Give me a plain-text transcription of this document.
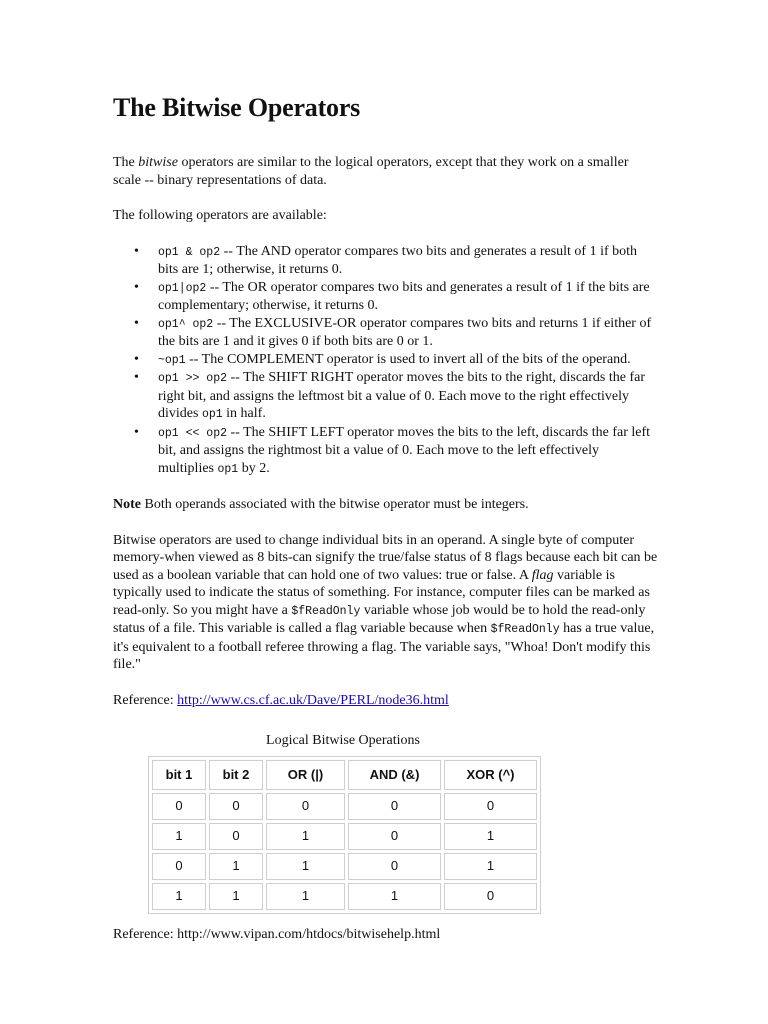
The Bitwise Operators

The bitwise operators are similar to the logical operators, except that they work on a smaller scale -- binary representations of data.

The following operators are available:

• op1 & op2 -- The AND operator compares two bits and generates a result of 1 if both bits are 1; otherwise, it returns 0.
• op1|op2 -- The OR operator compares two bits and generates a result of 1 if the bits are complementary; otherwise, it returns 0.
• op1^ op2 -- The EXCLUSIVE-OR operator compares two bits and returns 1 if either of the bits are 1 and it gives 0 if both bits are 0 or 1.
• ~op1 -- The COMPLEMENT operator is used to invert all of the bits of the operand.
• op1 >> op2 -- The SHIFT RIGHT operator moves the bits to the right, discards the far right bit, and assigns the leftmost bit a value of 0. Each move to the right effectively divides op1 in half.
• op1 << op2 -- The SHIFT LEFT operator moves the bits to the left, discards the far left bit, and assigns the rightmost bit a value of 0. Each move to the left effectively multiplies op1 by 2.

Note Both operands associated with the bitwise operator must be integers.

Bitwise operators are used to change individual bits in an operand. A single byte of computer memory-when viewed as 8 bits-can signify the true/false status of 8 flags because each bit can be used as a boolean variable that can hold one of two values: true or false. A flag variable is typically used to indicate the status of something. For instance, computer files can be marked as read-only. So you might have a $fReadOnly variable whose job would be to hold the read-only status of a file. This variable is called a flag variable because when $fReadOnly has a true value, it's equivalent to a football referee throwing a flag. The variable says, "Whoa! Don't modify this file."

Reference: http://www.cs.cf.ac.uk/Dave/PERL/node36.html

Logical Bitwise Operations

bit 1	bit 2	OR (|)	AND (&)	XOR (^)
0	0	0	0	0
1	0	1	0	1
0	1	1	0	1
1	1	1	1	0

Reference: http://www.vipan.com/htdocs/bitwisehelp.html
